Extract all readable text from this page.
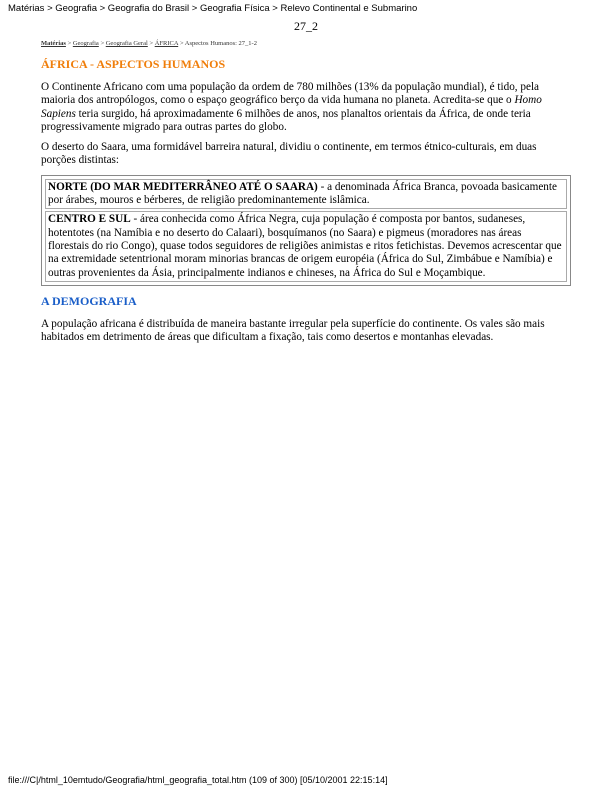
Matérias > Geografia > Geografia do Brasil > Geografia Física > Relevo Continental e Submarino
27_2
Matérias > Geografia > Geografia Geral > ÁFRICA > Aspectos Humanos: 27_1-2
ÁFRICA - ASPECTOS HUMANOS

O Continente Africano com uma população da ordem de 780 milhões (13% da população mundial), é tido, pela maioria dos antropólogos, como o espaço geográfico berço da vida humana no planeta. Acredita-se que o Homo Sapiens teria surgido, há aproximadamente 6 milhões de anos, nos planaltos orientais da África, de onde teria progressivamente migrado para outras partes do globo.

O deserto do Saara, uma formidável barreira natural, dividiu o continente, em termos étnico-culturais, em duas porções distintas:

NORTE (DO MAR MEDITERRÂNEO ATÉ O SAARA) - a denominada África Branca, povoada basicamente por árabes, mouros e bérberes, de religião predominantemente islâmica.
CENTRO E SUL - área conhecida como África Negra, cuja população é composta por bantos, sudaneses, hotentotes (na Namíbia e no deserto do Calaari), bosquímanos (no Saara) e pigmeus (moradores nas áreas florestais do rio Congo), quase todos seguidores de religiões animistas e ritos fetichistas. Devemos acrescentar que na extremidade setentrional moram minorias brancas de origem européia (África do Sul, Zimbábue e Namíbia) e outras provenientes da Ásia, principalmente indianos e chineses, na África do Sul e Moçambique.
A DEMOGRAFIA

A população africana é distribuída de maneira bastante irregular pela superfície do continente. Os vales são mais habitados em detrimento de áreas que dificultam a fixação, tais como desertos e montanhas elevadas.

file:///C|/html_10emtudo/Geografia/html_geografia_total.htm (109 of 300) [05/10/2001 22:15:14]
